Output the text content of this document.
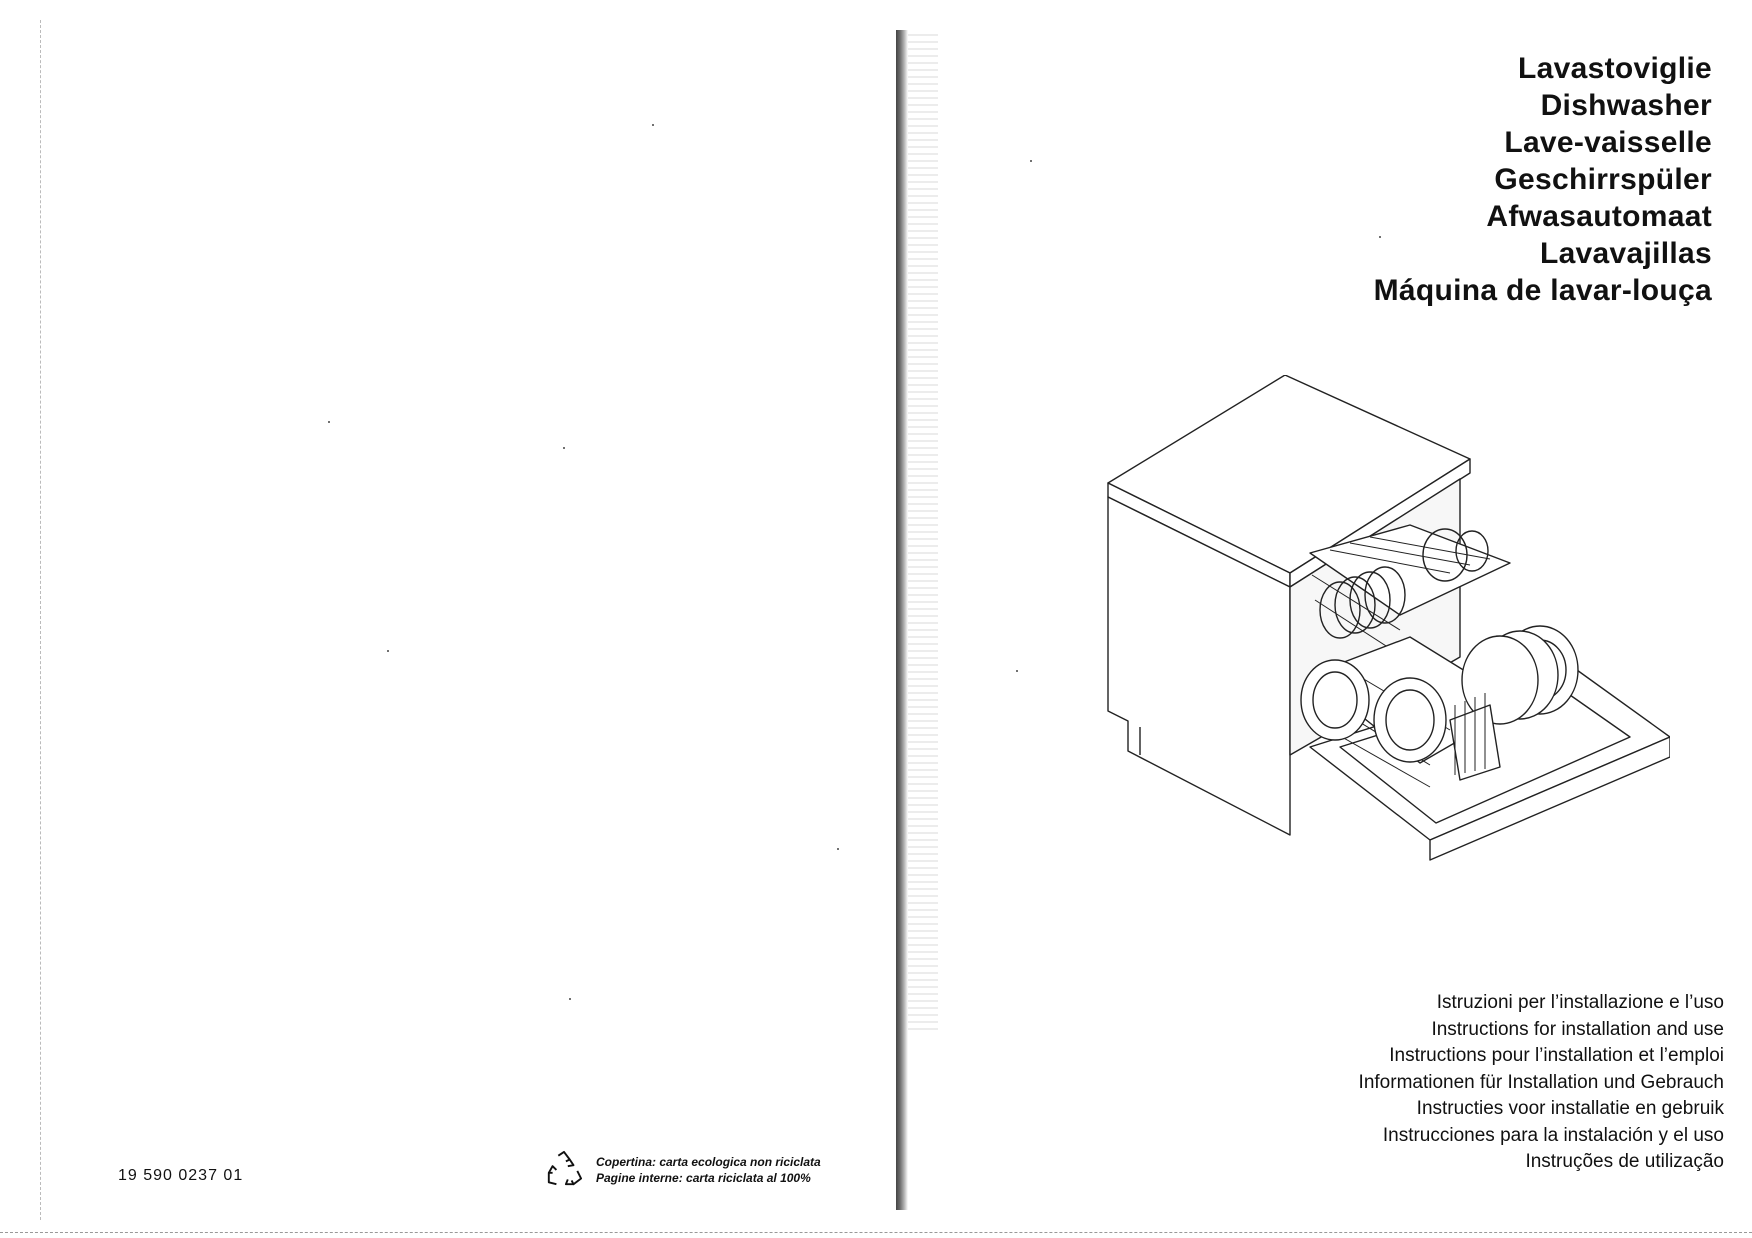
19 590 0237 01
Copertina: carta ecologica non riciclata
Pagine interne: carta riciclata al 100%
Lavastoviglie
Dishwasher
Lave-vaisselle
Geschirrspüler
Afwasautomaat
Lavavajillas
Máquina de lavar-louça
Istruzioni per l’installazione e l’uso
Instructions for installation and use
Instructions pour l’installation et l’emploi
Informationen für Installation und Gebrauch
Instructies voor installatie en gebruik
Instrucciones para la instalación y el uso
Instruções de utilização
